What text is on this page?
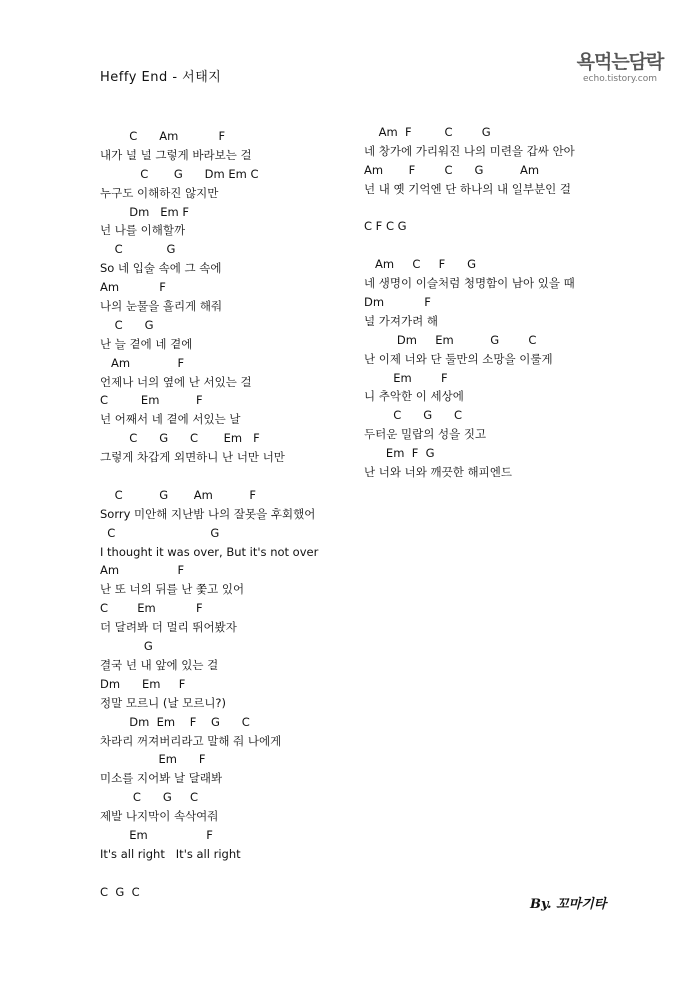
Heffy End - 서태지
욕먹는담락
echo.tistory.com
C      Am           F
내가 널 널 그렇게 바라보는 걸
C       G      Dm Em C
누구도 이해하진 않지만
Dm   Em F
넌 나를 이해할까
C            G
So 네 입술 속에 그 속에
Am           F
나의 눈물을 흘리게 해줘
C      G
난 늘 곁에 네 곁에
Am             F
언제나 너의 옆에 난 서있는 걸
C         Em          F
넌 어째서 네 곁에 서있는 날
C      G      C       Em   F
그렇게 차갑게 외면하니 난 너만 너만
C          G       Am          F
Sorry 미안해 지난밤 나의 잘못을 후회했어
C                          G
I thought it was over, But it's not over
Am                F
난 또 너의 뒤를 난 쫓고 있어
C        Em           F
더 달려봐 더 멀리 뛰어봤자
G
결국 넌 내 앞에 있는 걸
Dm      Em     F
정말 모르니 (날 모르니?)
Dm  Em    F    G      C
차라리 꺼져버리라고 말해 줘 나에게
Em      F
미소를 지어봐 날 달래봐
C      G     C
제발 나지막이 속삭여줘
Em                F
It's all right   It's all right
C  G  C
Am  F         C        G
네 창가에 가리워진 나의 미련을 갑싸 안아
Am       F        C      G          Am
넌 내 옛 기억엔 단 하나의 내 일부분인 걸
C F C G
Am     C     F      G
네 생명이 이슬처럼 청명함이 남아 있을 때
Dm           F
널 가져가려 해
Dm     Em          G        C
난 이제 너와 단 둘만의 소망을 이룰게
Em        F
니 추악한 이 세상에
C      G      C
두터운 밀랍의 성을 짓고
Em  F  G
난 너와 너와 깨끗한 해피엔드
By. 꼬마기타
